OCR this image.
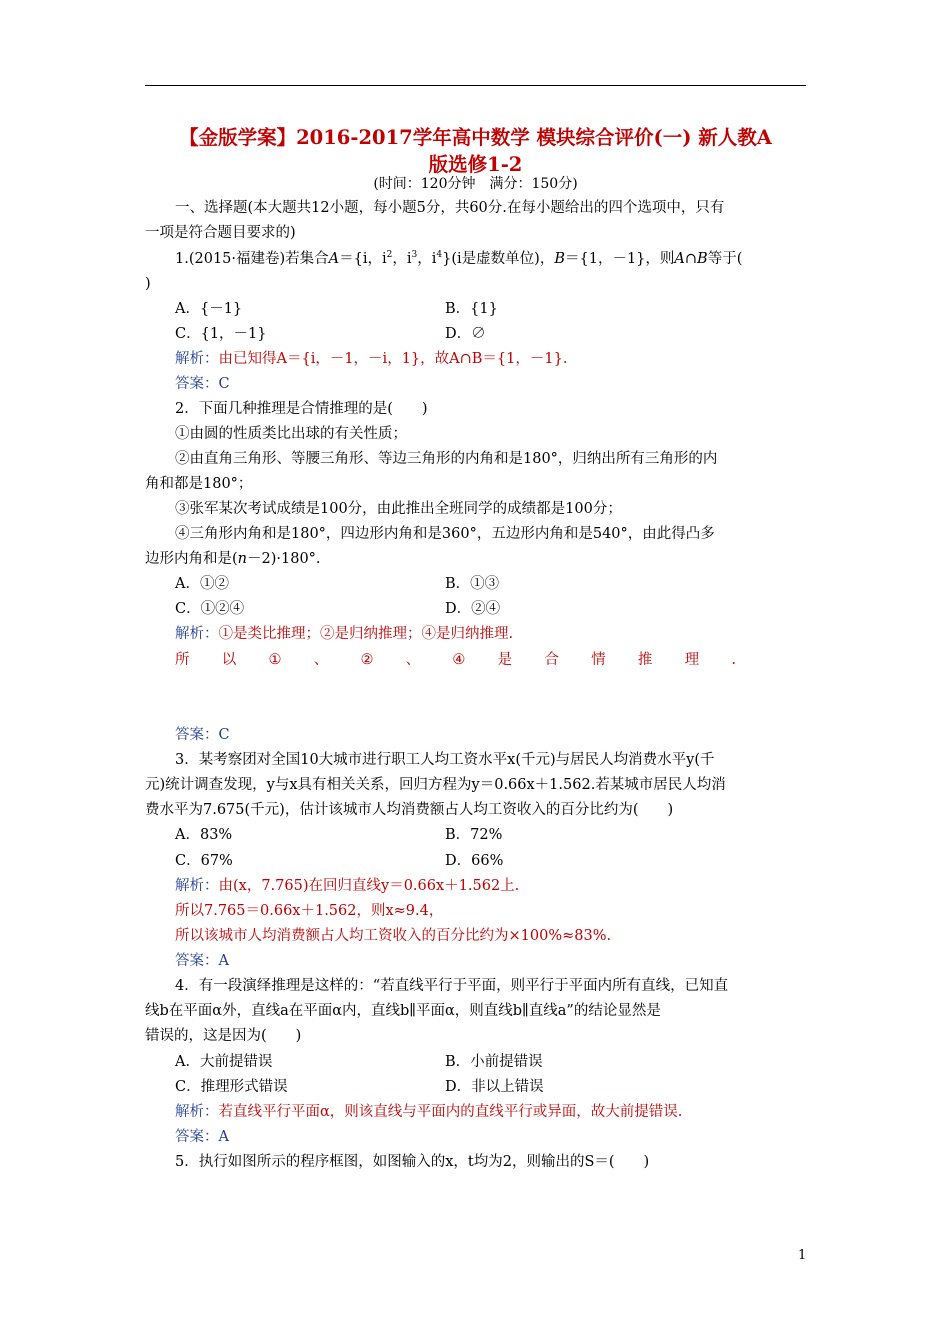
【金版学案】2016-2017学年高中数学 模块综合评价(一) 新人教A
版选修1-2
(时间：120分钟　满分：150分)
一、选择题(本大题共12小题，每小题5分，共60分.在每小题给出的四个选项中，只有
一项是符合题目要求的)
1.(2015·福建卷)若集合A＝{i，$i^2$，$i^3$，$i^4\}(i$是虚数单位)，B＝{1，－1}，则A∩B等于(
)
A．{－1}	B．{1}
C．{1，－1}	D．∅
解析：由已知得A＝{i，－1，－i，1}，故A∩B＝{1，－1}.
答案：C
2．下面几种推理是合情推理的是(　　)
①由圆的性质类比出球的有关性质；
②由直角三角形、等腰三角形、等边三角形的内角和是180°，归纳出所有三角形的内
角和都是180°；
③张军某次考试成绩是100分，由此推出全班同学的成绩都是100分；
④三角形内角和是180°，四边形内角和是360°，五边形内角和是540°，由此得凸多
边形内角和是(n－2)·180°.
A．①②	B．①③
C．①②④	D．②④
解析：①是类比推理；②是归纳推理；④是归纳推理.
所 以 ① 、 ② 、 ④ 是 合 情 推 理 .
答案：C
3．某考察团对全国10大城市进行职工人均工资水平x(千元)与居民人均消费水平y(千
元)统计调查发现，y与x具有相关关系，回归方程为y＝0.66x＋1.562.若某城市居民人均消
费水平为7.675(千元)，估计该城市人均消费额占人均工资收入的百分比约为(　　)
A．83%	B．72%
C．67%	D．66%
解析：由(x，7.765)在回归直线y＝0.66x＋1.562上.
所以7.765＝0.66x＋1.562，则x≈9.4，
所以该城市人均消费额占人均工资收入的百分比约为×100%≈83%.
答案：A
4．有一段演绎推理是这样的：“若直线平行于平面，则平行于平面内所有直线，已知直
线b在平面α外，直线a在平面α内，直线b∥平面α，则直线b∥直线a”的结论显然是
错误的，这是因为(　　)
A．大前提错误	B．小前提错误
C．推理形式错误	D．非以上错误
解析：若直线平行平面α，则该直线与平面内的直线平行或异面，故大前提错误.
答案：A
5．执行如图所示的程序框图，如图输入的x，t均为2，则输出的S＝(　　)
1
